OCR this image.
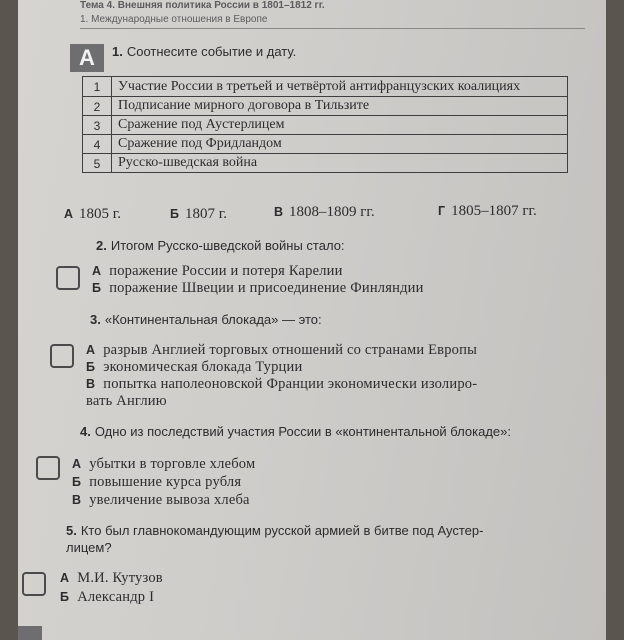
Тема 4. Внешняя политика России в 1801–1812 гг.
1. Международные отношения в Европе
А	1. Соотнесите событие и дату.
1	Участие России в третьей и четвёртой антифранцузских коалициях
2	Подписание мирного договора в Тильзите
3	Сражение под Аустерлицем
4	Сражение под Фридландом
5	Русско-шведская война
А 1805 г.	Б 1807 г.	В 1808–1809 гг.	Г 1805–1807 гг.
2. Итогом Русско-шведской войны стало:
А поражение России и потеря Карелии
Б поражение Швеции и присоединение Финляндии
3. «Континентальная блокада» — это:
А разрыв Англией торговых отношений со странами Европы
Б экономическая блокада Турции
В попытка наполеоновской Франции экономически изолиро-
вать Англию
4. Одно из последствий участия России в «континентальной блокаде»:
А убытки в торговле хлебом
Б повышение курса рубля
В увеличение вывоза хлеба
5. Кто был главнокомандующим русской армией в битве под Аустер-
лицем?
А М.И. Кутузов
Б Александр I
